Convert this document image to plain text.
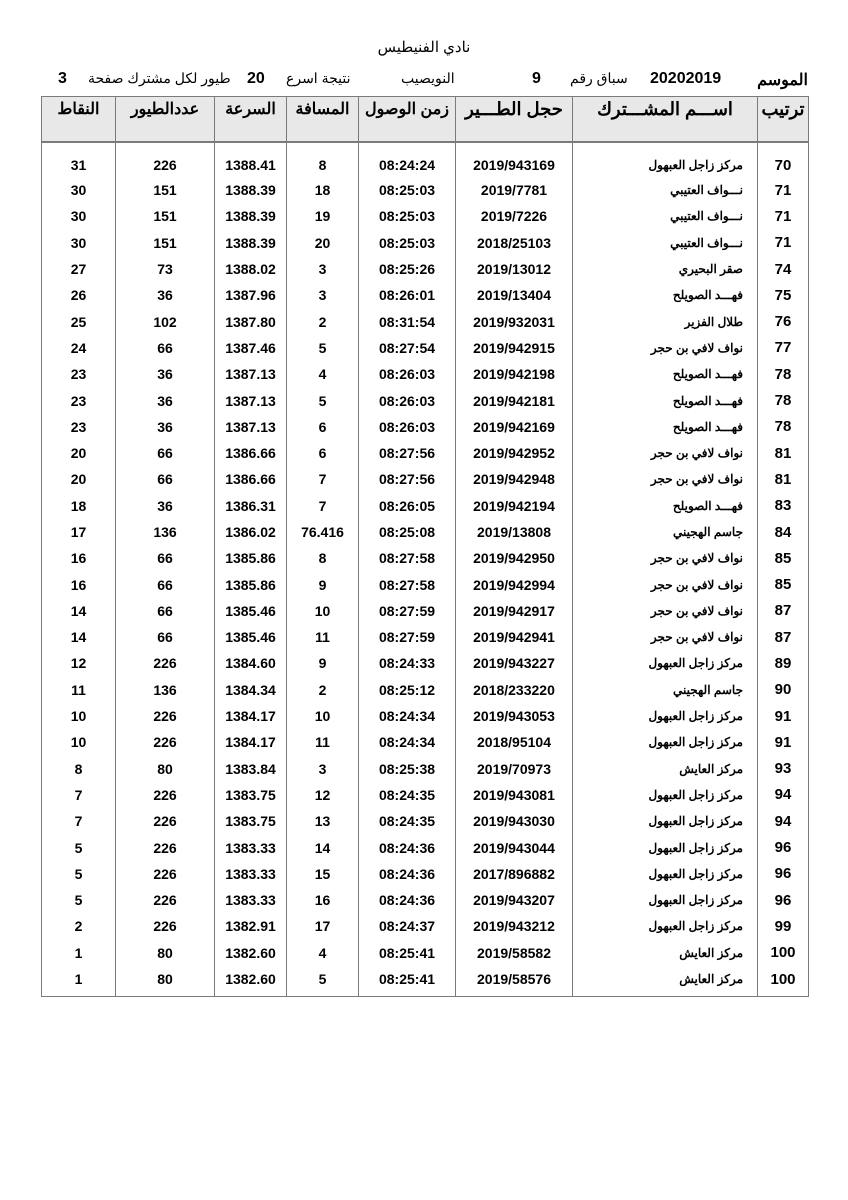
نادي الفنيطيس
الموسم
20202019
سباق رقم
9
النويصيب
نتيجة اسرع
20
طيور لكل مشترك صفحة
3
ترتيب	اســـم المشـــترك	حجل الطـــير	زمن الوصول	المسافة	السرعة	عددالطيور	النقاط
70	مركز زاجل العبهول	2019/943169	08:24:24	8	1388.41	226	31
71	نـــواف العتيبي	2019/7781	08:25:03	18	1388.39	151	30
71	نـــواف العتيبي	2019/7226	08:25:03	19	1388.39	151	30
71	نـــواف العتيبي	2018/25103	08:25:03	20	1388.39	151	30
74	صقر البحيري	2019/13012	08:25:26	3	1388.02	73	27
75	فهـــد الصويلح	2019/13404	08:26:01	3	1387.96	36	26
76	طلال الفزير	2019/932031	08:31:54	2	1387.80	102	25
77	نواف لافي بن حجر	2019/942915	08:27:54	5	1387.46	66	24
78	فهـــد الصويلح	2019/942198	08:26:03	4	1387.13	36	23
78	فهـــد الصويلح	2019/942181	08:26:03	5	1387.13	36	23
78	فهـــد الصويلح	2019/942169	08:26:03	6	1387.13	36	23
81	نواف لافي بن حجر	2019/942952	08:27:56	6	1386.66	66	20
81	نواف لافي بن حجر	2019/942948	08:27:56	7	1386.66	66	20
83	فهـــد الصويلح	2019/942194	08:26:05	7	1386.31	36	18
84	جاسم الهجيني	2019/13808	08:25:08	76.416	1386.02	136	17
85	نواف لافي بن حجر	2019/942950	08:27:58	8	1385.86	66	16
85	نواف لافي بن حجر	2019/942994	08:27:58	9	1385.86	66	16
87	نواف لافي بن حجر	2019/942917	08:27:59	10	1385.46	66	14
87	نواف لافي بن حجر	2019/942941	08:27:59	11	1385.46	66	14
89	مركز زاجل العبهول	2019/943227	08:24:33	9	1384.60	226	12
90	جاسم الهجيني	2018/233220	08:25:12	2	1384.34	136	11
91	مركز زاجل العبهول	2019/943053	08:24:34	10	1384.17	226	10
91	مركز زاجل العبهول	2018/95104	08:24:34	11	1384.17	226	10
93	مركز العايش	2019/70973	08:25:38	3	1383.84	80	8
94	مركز زاجل العبهول	2019/943081	08:24:35	12	1383.75	226	7
94	مركز زاجل العبهول	2019/943030	08:24:35	13	1383.75	226	7
96	مركز زاجل العبهول	2019/943044	08:24:36	14	1383.33	226	5
96	مركز زاجل العبهول	2017/896882	08:24:36	15	1383.33	226	5
96	مركز زاجل العبهول	2019/943207	08:24:36	16	1383.33	226	5
99	مركز زاجل العبهول	2019/943212	08:24:37	17	1382.91	226	2
100	مركز العايش	2019/58582	08:25:41	4	1382.60	80	1
100	مركز العايش	2019/58576	08:25:41	5	1382.60	80	1
